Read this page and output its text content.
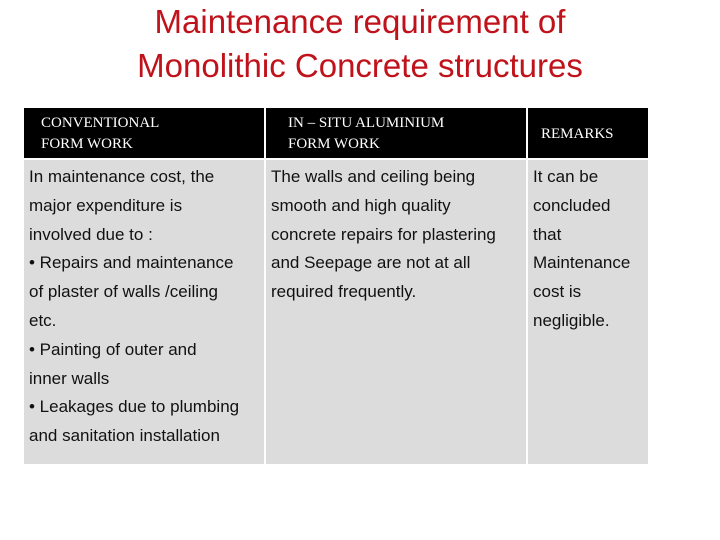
Maintenance requirement of
Monolithic Concrete structures
CONVENTIONAL
FORM WORK
IN – SITU ALUMINIUM
FORM WORK
REMARKS
In maintenance cost, the
major expenditure is
involved due to :
• Repairs and maintenance
of plaster of walls /ceiling
etc.
• Painting of outer and
inner walls
• Leakages due to plumbing
and sanitation installation
The walls and ceiling being
smooth and high quality
concrete repairs for plastering
and Seepage are not at all
required frequently.
It can be
concluded
that
Maintenance
cost is
negligible.
